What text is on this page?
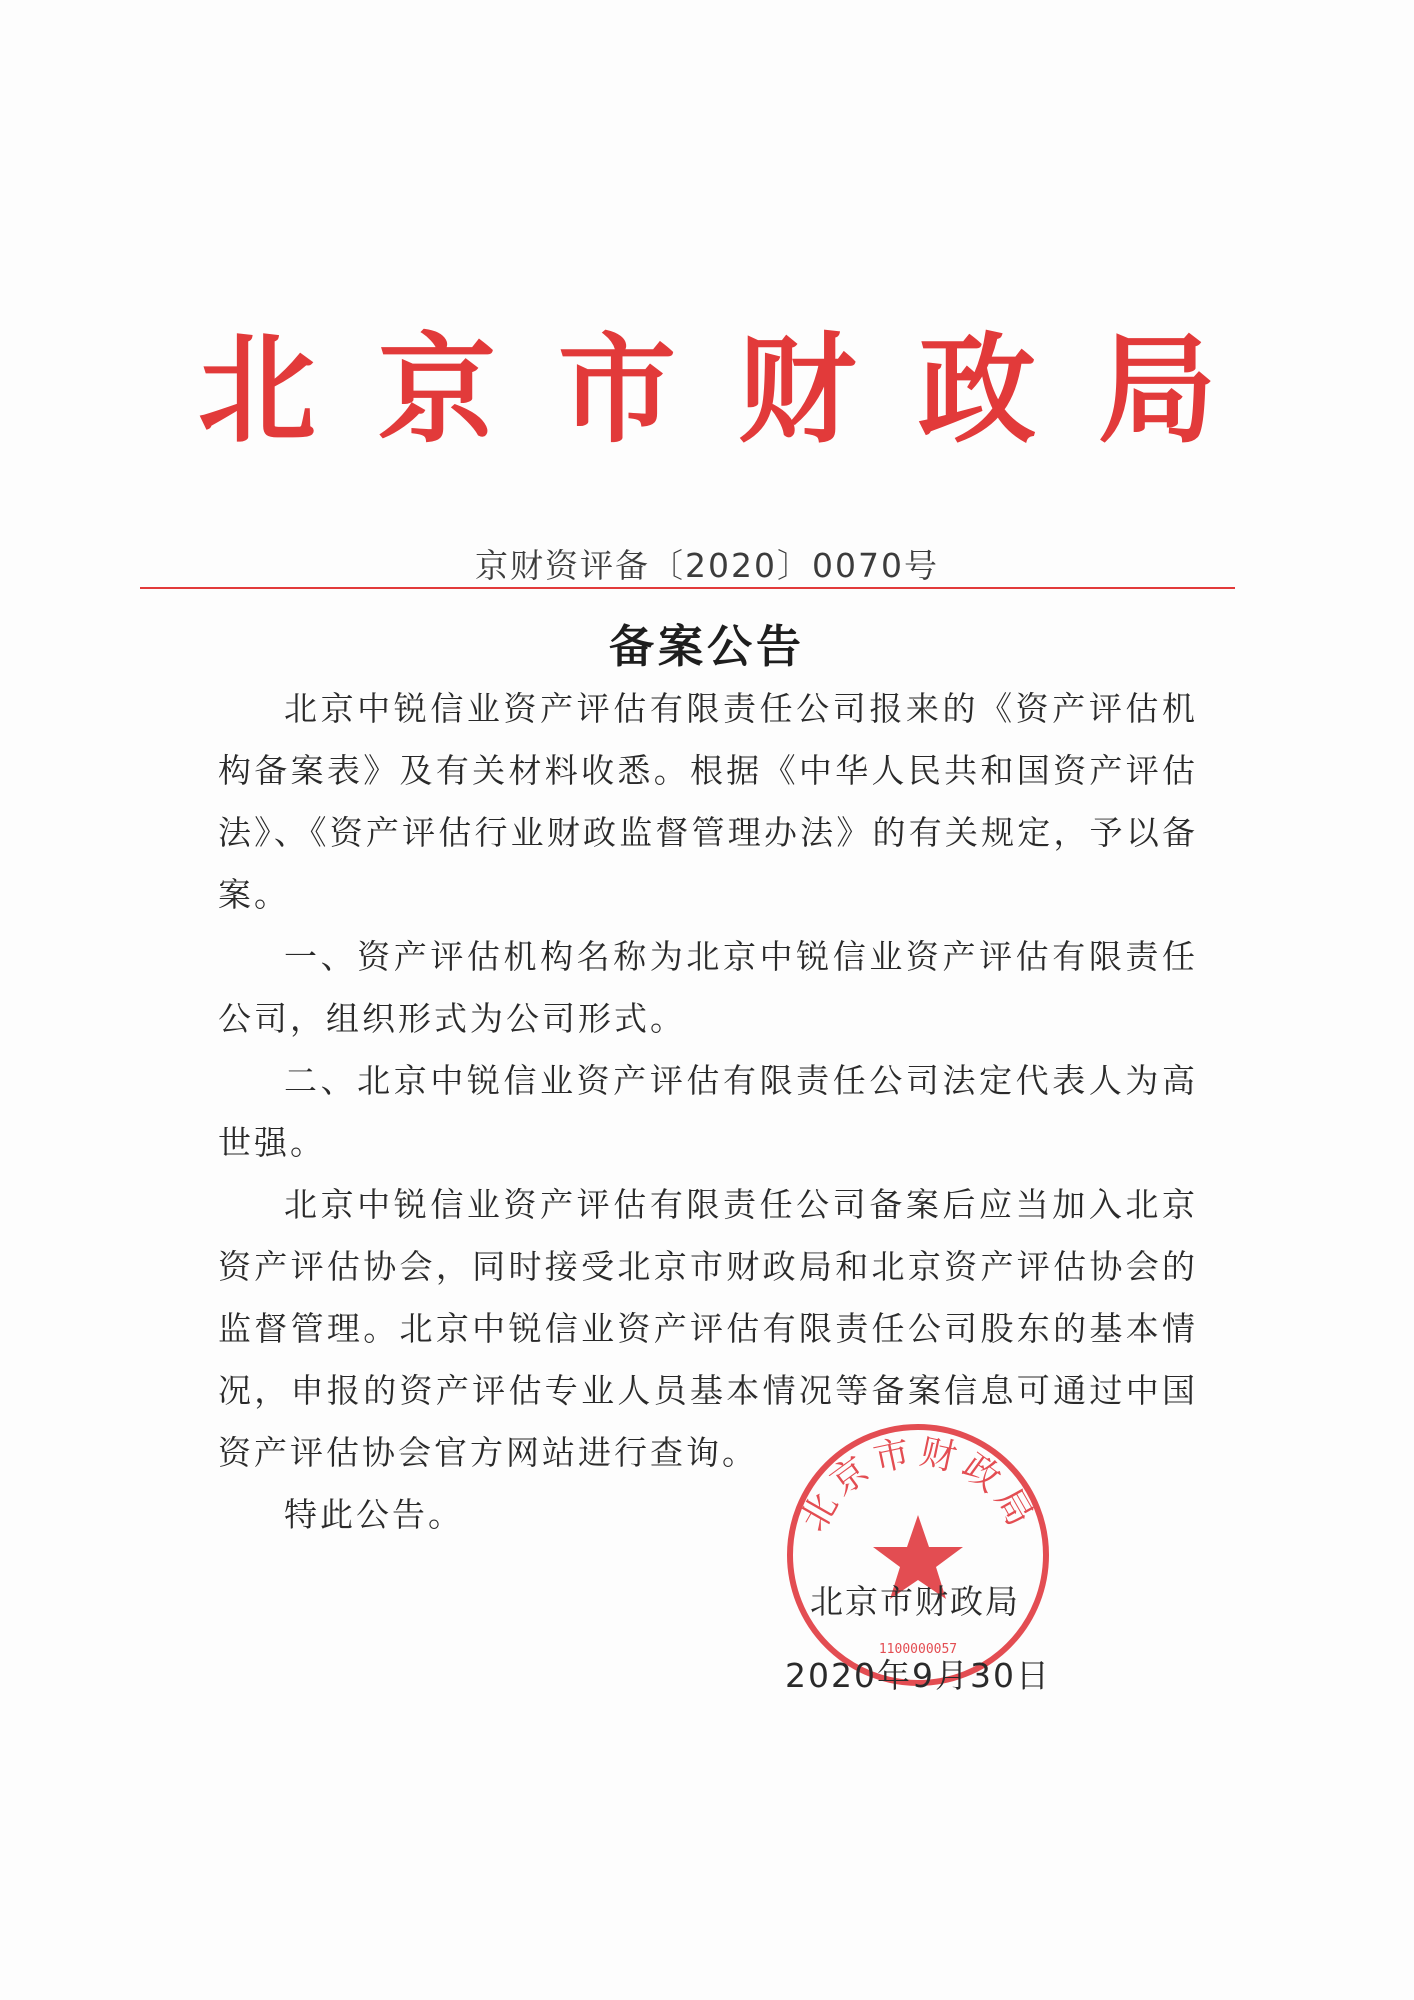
北京市财政局
京财资评备〔2020〕0070号
备案公告

北京中锐信业资产评估有限责任公司报来的《资产评估机构备案表》及有关材料收悉。根据《中华人民共和国资产评估法》、《资产评估行业财政监督管理办法》的有关规定，予以备案。

一、资产评估机构名称为北京中锐信业资产评估有限责任公司，组织形式为公司形式。

二、北京中锐信业资产评估有限责任公司法定代表人为高世强。

北京中锐信业资产评估有限责任公司备案后应当加入北京资产评估协会，同时接受北京市财政局和北京资产评估协会的监督管理。北京中锐信业资产评估有限责任公司股东的基本情况，申报的资产评估专业人员基本情况等备案信息可通过中国资产评估协会官方网站进行查询。

特此公告。	北京市财政局
1100000057
北京市财政局
2020年9月30日
